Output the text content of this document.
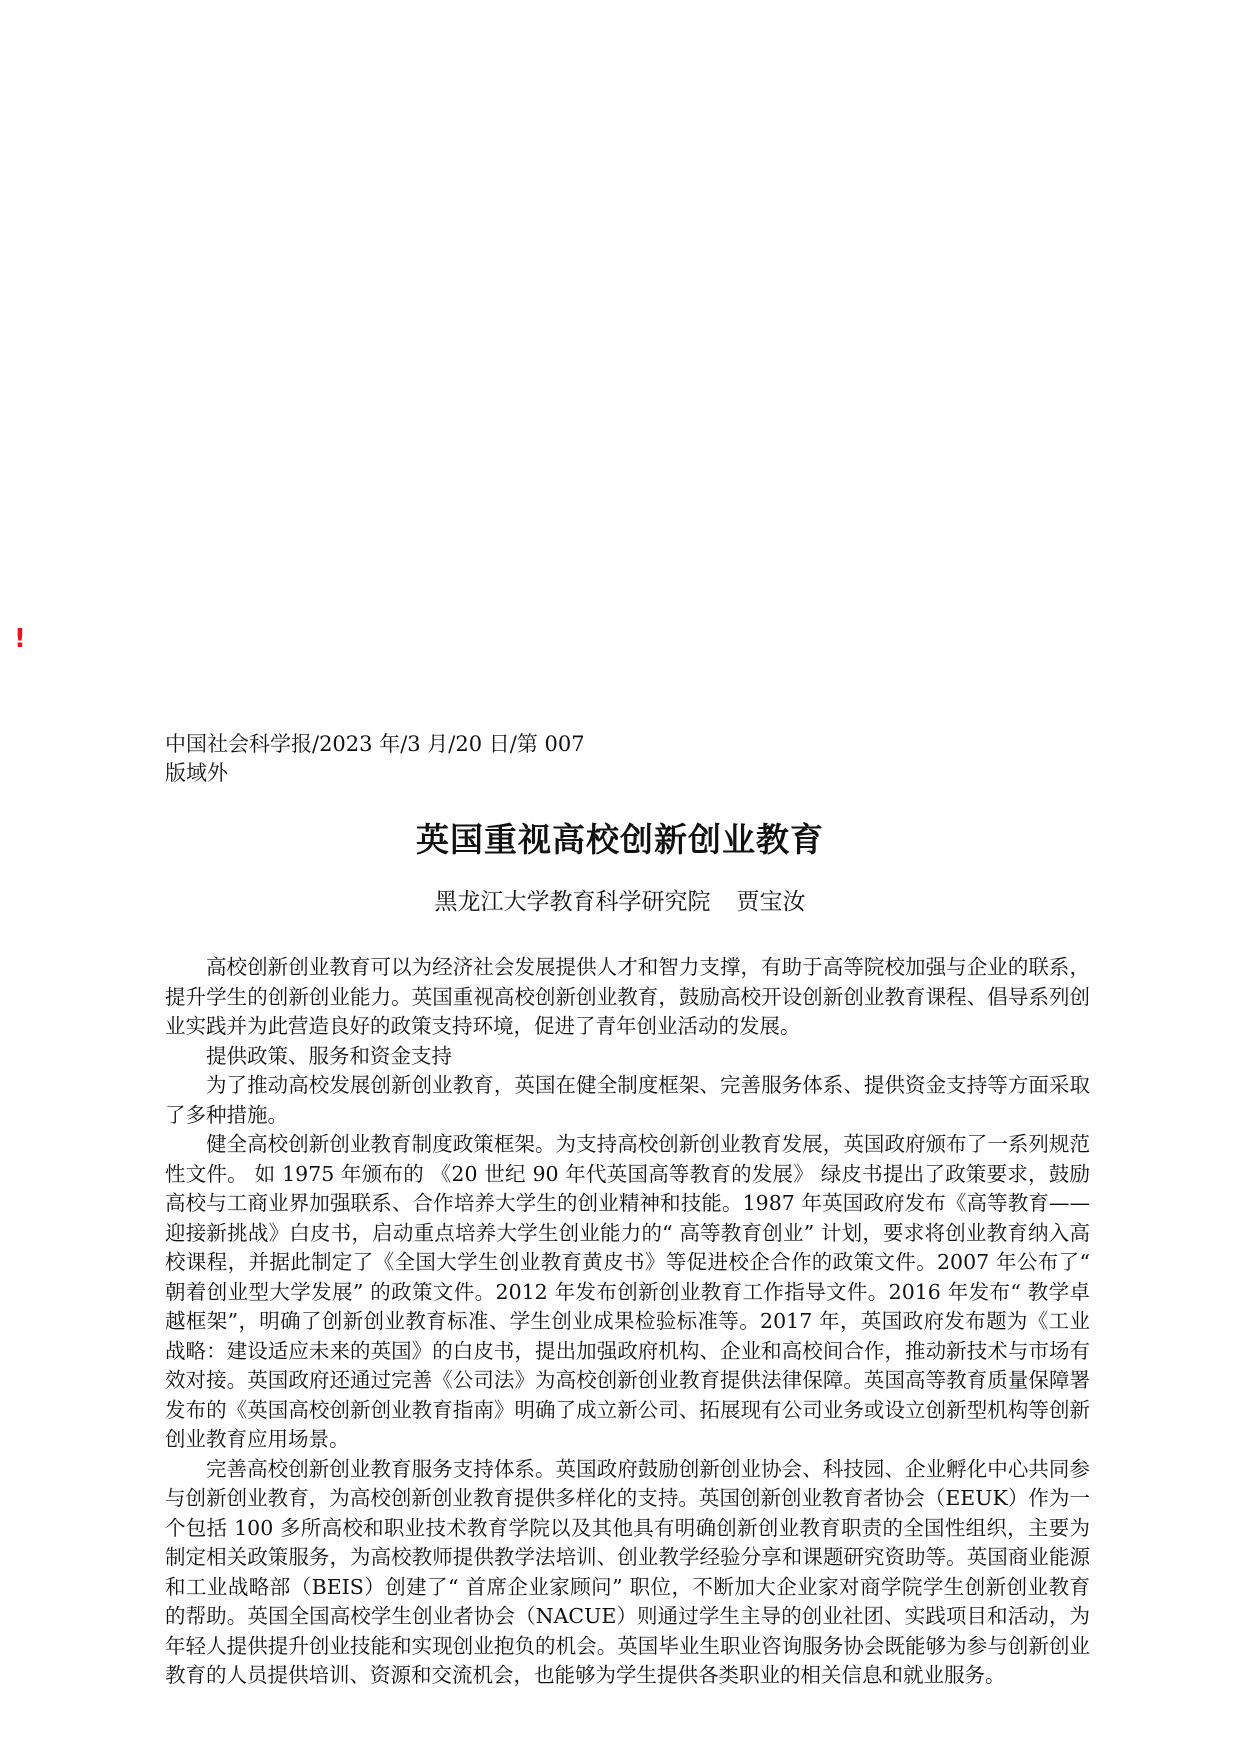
!
中国社会科学报/2023 年/3 月/20 日/第 007
版域外
英国重视高校创新创业教育
黑龙江大学教育科学研究院 贾宝汝

高校创新创业教育可以为经济社会发展提供人才和智力支撑，有助于高等院校加强与企业的联系，提升学生的创新创业能力。英国重视高校创新创业教育，鼓励高校开设创新创业教育课程、倡导系列创业实践并为此营造良好的政策支持环境，促进了青年创业活动的发展。

提供政策、服务和资金支持

为了推动高校发展创新创业教育，英国在健全制度框架、完善服务体系、提供资金支持等方面采取了多种措施。

健全高校创新创业教育制度政策框架。为支持高校创新创业教育发展，英国政府颁布了一系列规范性文件。 如 1975 年颁布的 《20 世纪 90 年代英国高等教育的发展》 绿皮书提出了政策要求，鼓励高校与工商业界加强联系、合作培养大学生的创业精神和技能。1987 年英国政府发布《高等教育——迎接新挑战》白皮书，启动重点培养大学生创业能力的“ 高等教育创业” 计划，要求将创业教育纳入高校课程，并据此制定了《全国大学生创业教育黄皮书》等促进校企合作的政策文件。2007 年公布了“ 朝着创业型大学发展” 的政策文件。2012 年发布创新创业教育工作指导文件。2016 年发布“ 教学卓越框架”，明确了创新创业教育标准、学生创业成果检验标准等。2017 年，英国政府发布题为《工业战略：建设适应未来的英国》的白皮书，提出加强政府机构、企业和高校间合作，推动新技术与市场有效对接。英国政府还通过完善《公司法》为高校创新创业教育提供法律保障。英国高等教育质量保障署发布的《英国高校创新创业教育指南》明确了成立新公司、拓展现有公司业务或设立创新型机构等创新创业教育应用场景。

完善高校创新创业教育服务支持体系。英国政府鼓励创新创业协会、科技园、企业孵化中心共同参与创新创业教育，为高校创新创业教育提供多样化的支持。英国创新创业教育者协会（EEUK）作为一个包括 100 多所高校和职业技术教育学院以及其他具有明确创新创业教育职责的全国性组织，主要为制定相关政策服务，为高校教师提供教学法培训、创业教学经验分享和课题研究资助等。英国商业能源和工业战略部（BEIS）创建了“ 首席企业家顾问” 职位，不断加大企业家对商学院学生创新创业教育的帮助。英国全国高校学生创业者协会（NACUE）则通过学生主导的创业社团、实践项目和活动，为年轻人提供提升创业技能和实现创业抱负的机会。英国毕业生职业咨询服务协会既能够为参与创新创业教育的人员提供培训、资源和交流机会，也能够为学生提供各类职业的相关信息和就业服务。
